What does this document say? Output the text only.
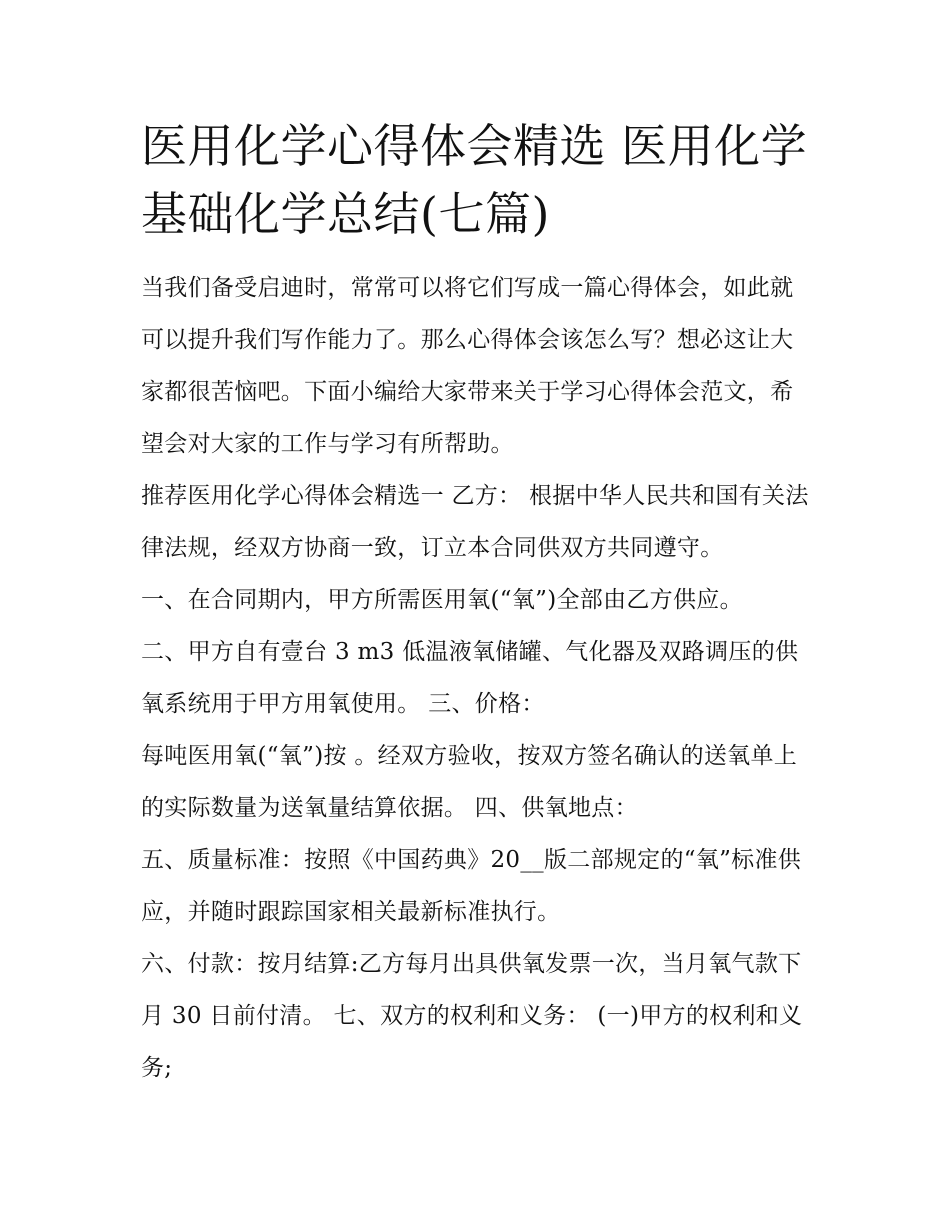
医用化学心得体会精选 医用化学基础化学总结(七篇)

当我们备受启迪时，常常可以将它们写成一篇心得体会，如此就可以提升我们写作能力了。那么心得体会该怎么写？想必这让大家都很苦恼吧。下面小编给大家带来关于学习心得体会范文，希望会对大家的工作与学习有所帮助。

推荐医用化学心得体会精选一 乙方： 根据中华人民共和国有关法律法规，经双方协商一致，订立本合同供双方共同遵守。

一、在合同期内，甲方所需医用氧(“氧”)全部由乙方供应。

二、甲方自有壹台 3 m3 低温液氧储罐、气化器及双路调压的供氧系统用于甲方用氧使用。 三、价格：

每吨医用氧(“氧”)按 。经双方验收，按双方签名确认的送氧单上的实际数量为送氧量结算依据。 四、供氧地点：

五、质量标准：按照《中国药典》20__版二部规定的“氧”标准供应，并随时跟踪国家相关最新标准执行。

六、付款：按月结算:乙方每月出具供氧发票一次，当月氧气款下月 30 日前付清。 七、双方的权利和义务： (一)甲方的权利和义务;
